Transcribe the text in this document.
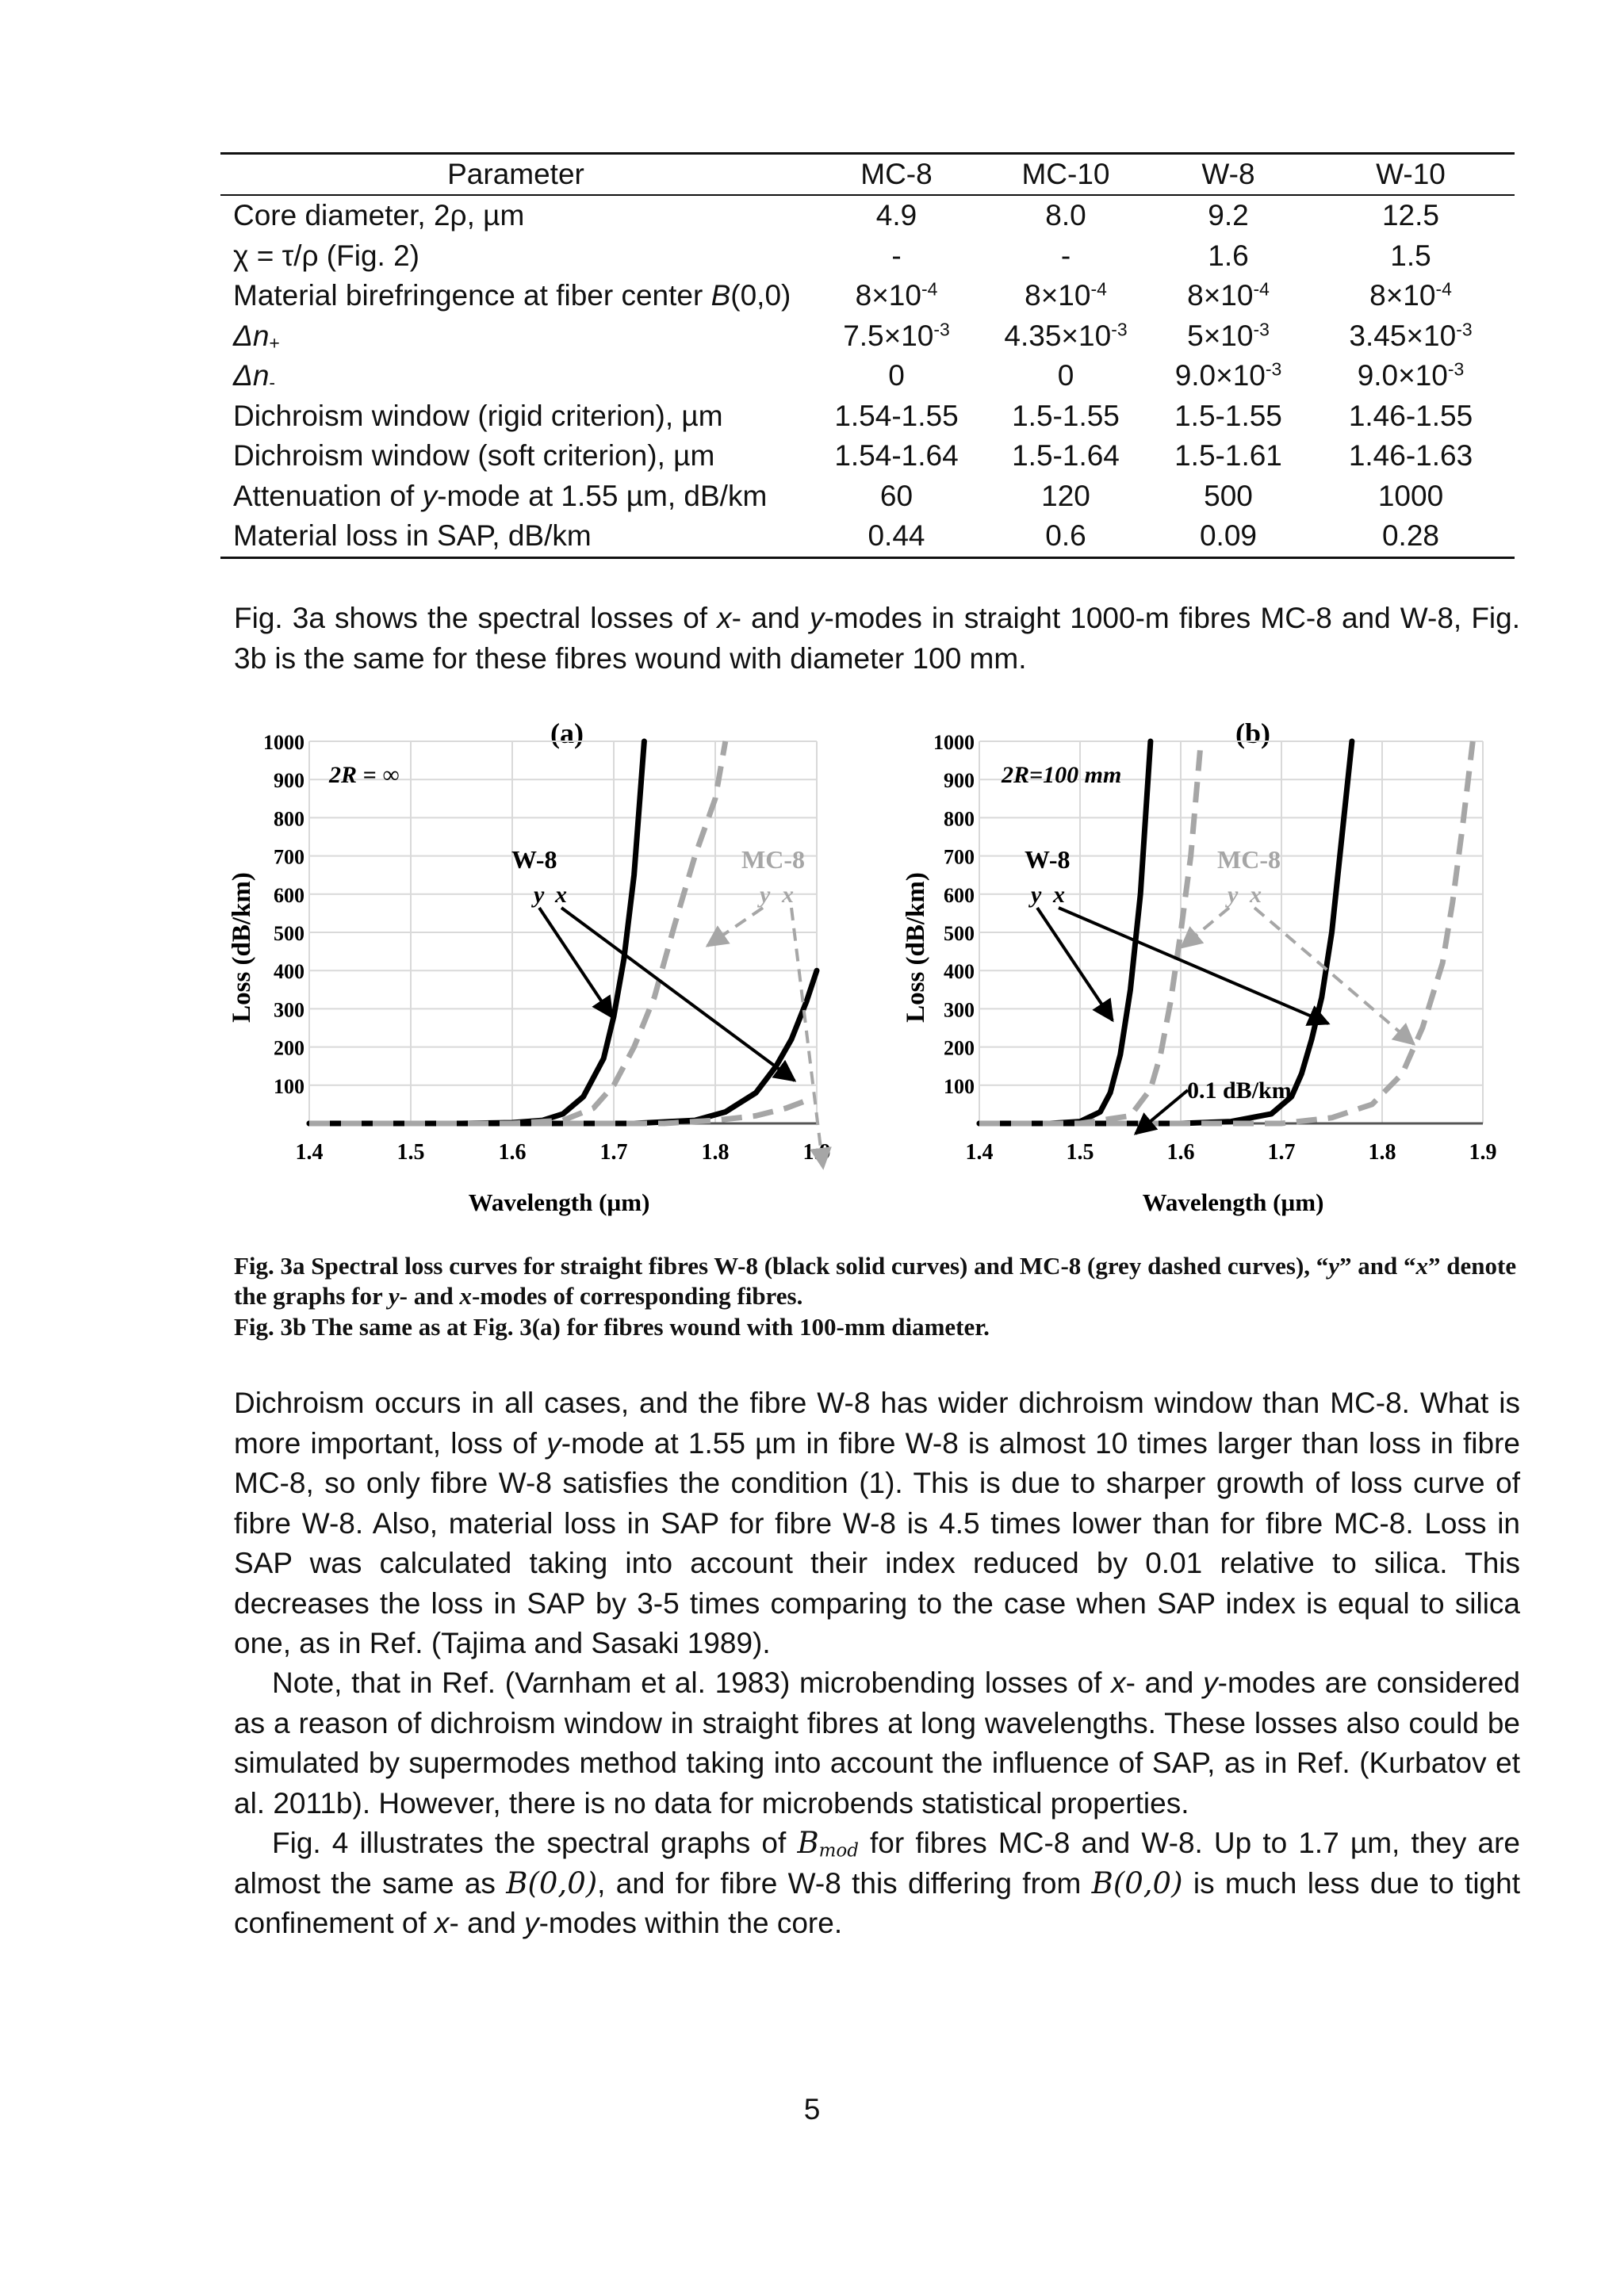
Parameter	MC-8	MC-10	W-8	W-10
Core diameter, 2ρ, µm	4.9	8.0	9.2	12.5
χ = τ/ρ (Fig. 2)	-	-	1.6	1.5
Material birefringence at fiber center B(0,0)	$8\times 10^{-4}$	$8\times 10^{-4}$	$8\times 10^{-4}$	$8\times 10^{-4}$
$\Delta n_+$	$7.5\times 10^{-3}$	$4.35\times 10^{-3}$	$5\times 10^{-3}$	$3.45\times 10^{-3}$
$\Delta n_-$	0	0	$9.0\times 10^{-3}$	$9.0\times 10^{-3}$
Dichroism window (rigid criterion), µm	1.54-1.55	1.5-1.55	1.5-1.55	1.46-1.55
Dichroism window (soft criterion), µm	1.54-1.64	1.5-1.64	1.5-1.61	1.46-1.63
Attenuation of y-mode at 1.55 µm, dB/km	60	120	500	1000
Material loss in SAP, dB/km	0.44	0.6	0.09	0.28

Fig. 3a shows the spectral losses of x- and y-modes in straight 1000-m fibres MC-8 and W-8, Fig. 3b is the same for these fibres wound with diameter 100 mm.

(a)
100
200
300
400
500
600
700
800
900
1000
1.4	1.5	1.6	1.7	1.8	1.9
Loss (dB/km)
Wavelength (µm)
2R = ∞
W-8
y x
MC-8
y x
(b)
100
200
300
400
500
600
700
800
900
1000
1.4	1.5	1.6	1.7	1.8	1.9
Loss (dB/km)
Wavelength (µm)
2R=100 mm
W-8
y x
MC-8
y x
0.1 dB/km

Fig. 3a Spectral loss curves for straight fibres W-8 (black solid curves) and MC-8 (grey dashed curves), “y” and “x” denote the graphs for y- and x-modes of corresponding fibres.

Fig. 3b The same as at Fig. 3(a) for fibres wound with 100-mm diameter.

Dichroism occurs in all cases, and the fibre W-8 has wider dichroism window than MC-8. What is more important, loss of y-mode at 1.55 µm in fibre W-8 is almost 10 times larger than loss in fibre MC-8, so only fibre W-8 satisfies the condition (1). This is due to sharper growth of loss curve of fibre W-8. Also, material loss in SAP for fibre W-8 is 4.5 times lower than for fibre MC-8. Loss in SAP was calculated taking into account their index reduced by 0.01 relative to silica. This decreases the loss in SAP by 3-5 times comparing to the case when SAP index is equal to silica one, as in Ref. (Tajima and Sasaki 1989).

Note, that in Ref. (Varnham et al. 1983) microbending losses of x- and y-modes are considered as a reason of dichroism window in straight fibres at long wavelengths. These losses also could be simulated by supermodes method taking into account the influence of SAP, as in Ref. (Kurbatov et al. 2011b). However, there is no data for microbends statistical properties.

Fig. 4 illustrates the spectral graphs of $B_{mod}$ for fibres MC-8 and W-8. Up to 1.7 µm, they are almost the same as B(0,0), and for fibre W-8 this differing from B(0,0) is much less due to tight confinement of x- and y-modes within the core.

5
